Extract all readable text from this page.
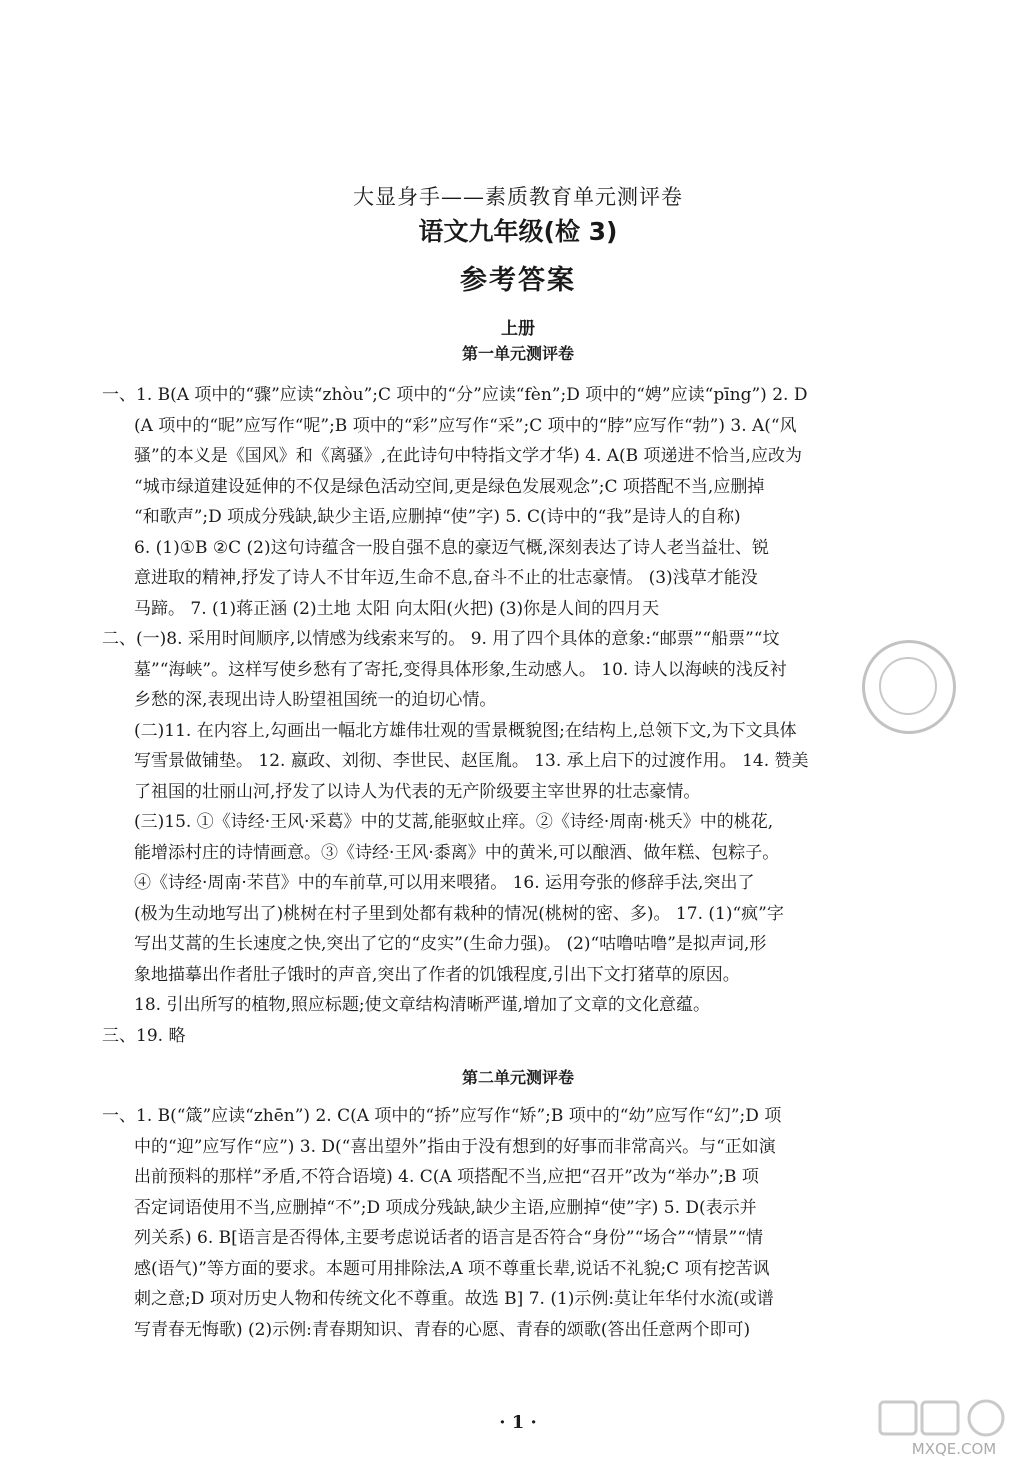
大显身手——素质教育单元测评卷
语文九年级(检 3)
参考答案
上册
第一单元测评卷
一、1. B(A 项中的“骤”应读“zhòu”;C 项中的“分”应读“fèn”;D 项中的“娉”应读“pīng”) 2. D
(A 项中的“昵”应写作“呢”;B 项中的“彩”应写作“采”;C 项中的“脖”应写作“勃”) 3. A(“风
骚”的本义是《国风》和《离骚》,在此诗句中特指文学才华) 4. A(B 项递进不恰当,应改为
“城市绿道建设延伸的不仅是绿色活动空间,更是绿色发展观念”;C 项搭配不当,应删掉
“和歌声”;D 项成分残缺,缺少主语,应删掉“使”字) 5. C(诗中的“我”是诗人的自称)
6. (1)①B ②C (2)这句诗蕴含一股自强不息的豪迈气概,深刻表达了诗人老当益壮、锐
意进取的精神,抒发了诗人不甘年迈,生命不息,奋斗不止的壮志豪情。 (3)浅草才能没
马蹄。 7. (1)蒋正涵 (2)土地 太阳 向太阳(火把) (3)你是人间的四月天
二、(一)8. 采用时间顺序,以情感为线索来写的。 9. 用了四个具体的意象:“邮票”“船票”“坟
墓”“海峡”。这样写使乡愁有了寄托,变得具体形象,生动感人。 10. 诗人以海峡的浅反衬
乡愁的深,表现出诗人盼望祖国统一的迫切心情。
(二)11. 在内容上,勾画出一幅北方雄伟壮观的雪景概貌图;在结构上,总领下文,为下文具体
写雪景做铺垫。 12. 嬴政、刘彻、李世民、赵匡胤。 13. 承上启下的过渡作用。 14. 赞美
了祖国的壮丽山河,抒发了以诗人为代表的无产阶级要主宰世界的壮志豪情。
(三)15. ①《诗经·王风·采葛》中的艾蒿,能驱蚊止痒。②《诗经·周南·桃夭》中的桃花,
能增添村庄的诗情画意。③《诗经·王风·黍离》中的黄米,可以酿酒、做年糕、包粽子。
④《诗经·周南·芣苢》中的车前草,可以用来喂猪。 16. 运用夸张的修辞手法,突出了
(极为生动地写出了)桃树在村子里到处都有栽种的情况(桃树的密、多)。 17. (1)“疯”字
写出艾蒿的生长速度之快,突出了它的“皮实”(生命力强)。 (2)“咕噜咕噜”是拟声词,形
象地描摹出作者肚子饿时的声音,突出了作者的饥饿程度,引出下文打猪草的原因。
18. 引出所写的植物,照应标题;使文章结构清晰严谨,增加了文章的文化意蕴。
三、19. 略
第二单元测评卷
一、1. B(“箴”应读“zhēn”) 2. C(A 项中的“挢”应写作“矫”;B 项中的“幼”应写作“幻”;D 项
中的“迎”应写作“应”) 3. D(“喜出望外”指由于没有想到的好事而非常高兴。与“正如演
出前预料的那样”矛盾,不符合语境) 4. C(A 项搭配不当,应把“召开”改为“举办”;B 项
否定词语使用不当,应删掉“不”;D 项成分残缺,缺少主语,应删掉“使”字) 5. D(表示并
列关系) 6. B[语言是否得体,主要考虑说话者的语言是否符合“身份”“场合”“情景”“情
感(语气)”等方面的要求。本题可用排除法,A 项不尊重长辈,说话不礼貌;C 项有挖苦讽
刺之意;D 项对历史人物和传统文化不尊重。故选 B] 7. (1)示例:莫让年华付水流(或谱
写青春无悔歌) (2)示例:青春期知识、青春的心愿、青春的颂歌(答出任意两个即可)
· 1 ·
MXQE.COM
